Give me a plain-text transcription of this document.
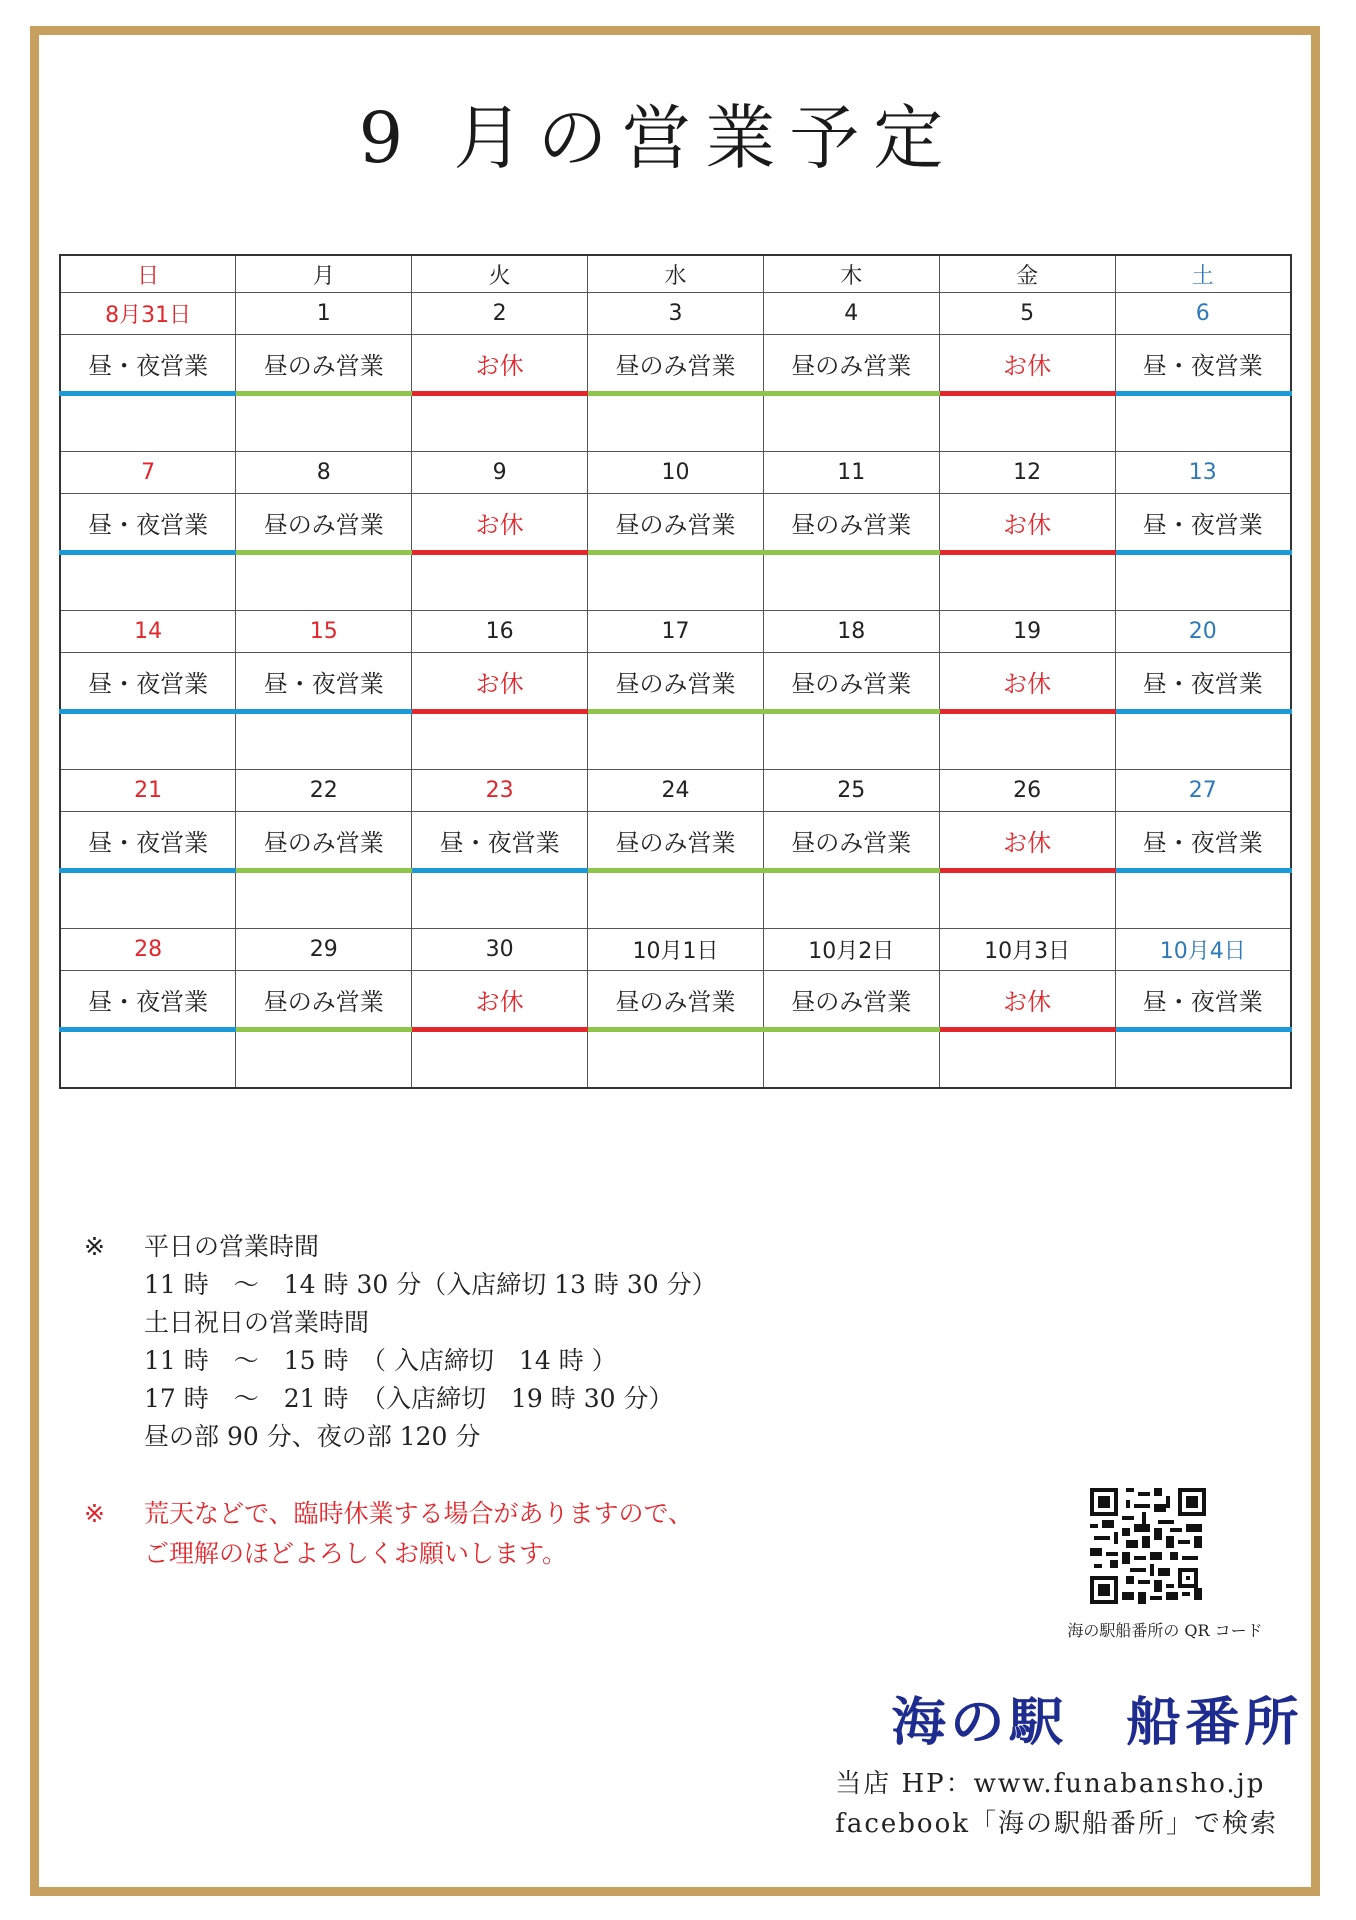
9 月の営業予定
日	月	火	水	木	金	土
8月31日	1	2	3	4	5	6
昼・夜営業	昼のみ営業	お休	昼のみ営業	昼のみ営業	お休	昼・夜営業

7	8	9	10	11	12	13
昼・夜営業	昼のみ営業	お休	昼のみ営業	昼のみ営業	お休	昼・夜営業

14	15	16	17	18	19	20
昼・夜営業	昼・夜営業	お休	昼のみ営業	昼のみ営業	お休	昼・夜営業

21	22	23	24	25	26	27
昼・夜営業	昼のみ営業	昼・夜営業	昼のみ営業	昼のみ営業	お休	昼・夜営業

28	29	30	10月1日	10月2日	10月3日	10月4日
昼・夜営業	昼のみ営業	お休	昼のみ営業	昼のみ営業	お休	昼・夜営業

※ 平日の営業時間
11 時　～　14 時 30 分（入店締切 13 時 30 分）
土日祝日の営業時間
11 時　～　15 時　（ 入店締切　14 時 ）
17 時　～　21 時　（入店締切　19 時 30 分）
昼の部 90 分、夜の部 120 分
※ 荒天などで、臨時休業する場合がありますので、
ご理解のほどよろしくお願いします。
海の駅船番所の QR コード
海の駅　船番所
当店 HP：www.funabansho.jp
facebook「海の駅船番所」で検索
